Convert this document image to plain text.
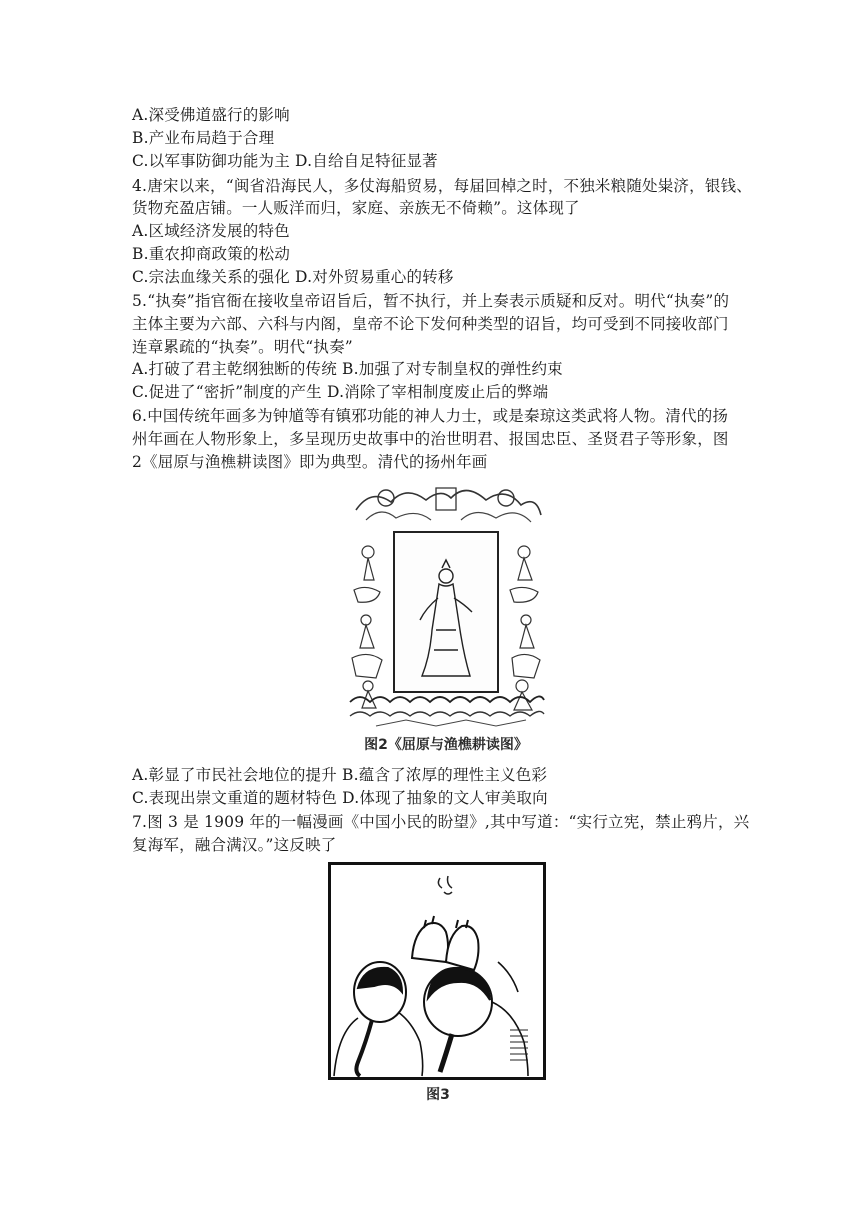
A.深受佛道盛行的影响
B.产业布局趋于合理
C.以军事防御功能为主 D.自给自足特征显著
4.唐宋以来，“闽省沿海民人，多仗海船贸易，每届回棹之时，不独米粮随处粜济，银钱、
货物充盈店铺。一人贩洋而归，家庭、亲族无不倚赖”。这体现了
A.区域经济发展的特色
B.重农抑商政策的松动
C.宗法血缘关系的强化 D.对外贸易重心的转移
5.“执奏”指官衙在接收皇帝诏旨后，暂不执行，并上奏表示质疑和反对。明代“执奏”的
主体主要为六部、六科与内阁，皇帝不论下发何种类型的诏旨，均可受到不同接收部门
连章累疏的“执奏”。明代“执奏”
A.打破了君主乾纲独断的传统 B.加强了对专制皇权的弹性约束
C.促进了“密折”制度的产生 D.消除了宰相制度废止后的弊端
6.中国传统年画多为钟馗等有镇邪功能的神人力士，或是秦琼这类武将人物。清代的扬
州年画在人物形象上，多呈现历史故事中的治世明君、报国忠臣、圣贤君子等形象，图
2《屈原与渔樵耕读图》即为典型。清代的扬州年画
图2《屈原与渔樵耕读图》
A.彰显了市民社会地位的提升 B.蕴含了浓厚的理性主义色彩
C.表现出崇文重道的题材特色 D.体现了抽象的文人审美取向
7.图 3 是 1909 年的一幅漫画《中国小民的盼望》,其中写道：“实行立宪，禁止鸦片，兴
复海军，融合满汉。”这反映了
图3
